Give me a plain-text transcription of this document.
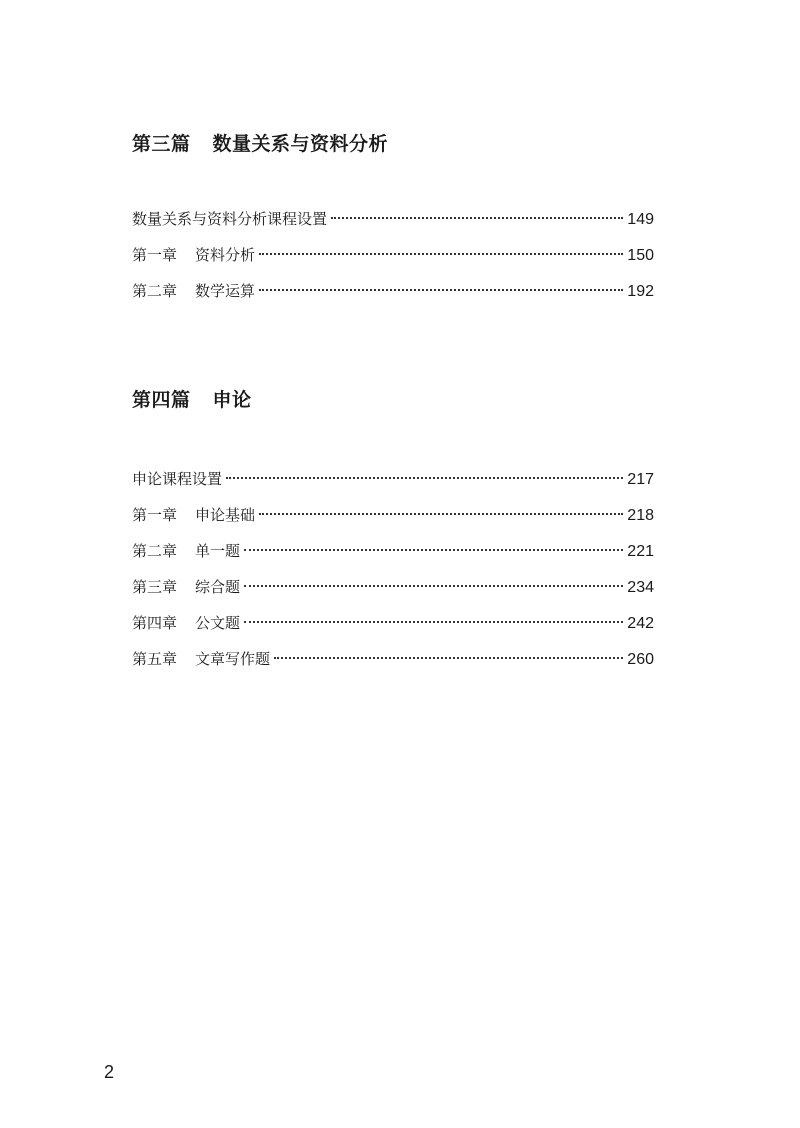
第三篇 数量关系与资料分析
数量关系与资料分析课程设置	149
第一章 资料分析	150
第二章 数学运算	192
第四篇 申论
申论课程设置	217
第一章 申论基础	218
第二章 单一题	221
第三章 综合题	234
第四章 公文题	242
第五章 文章写作题	260
2
